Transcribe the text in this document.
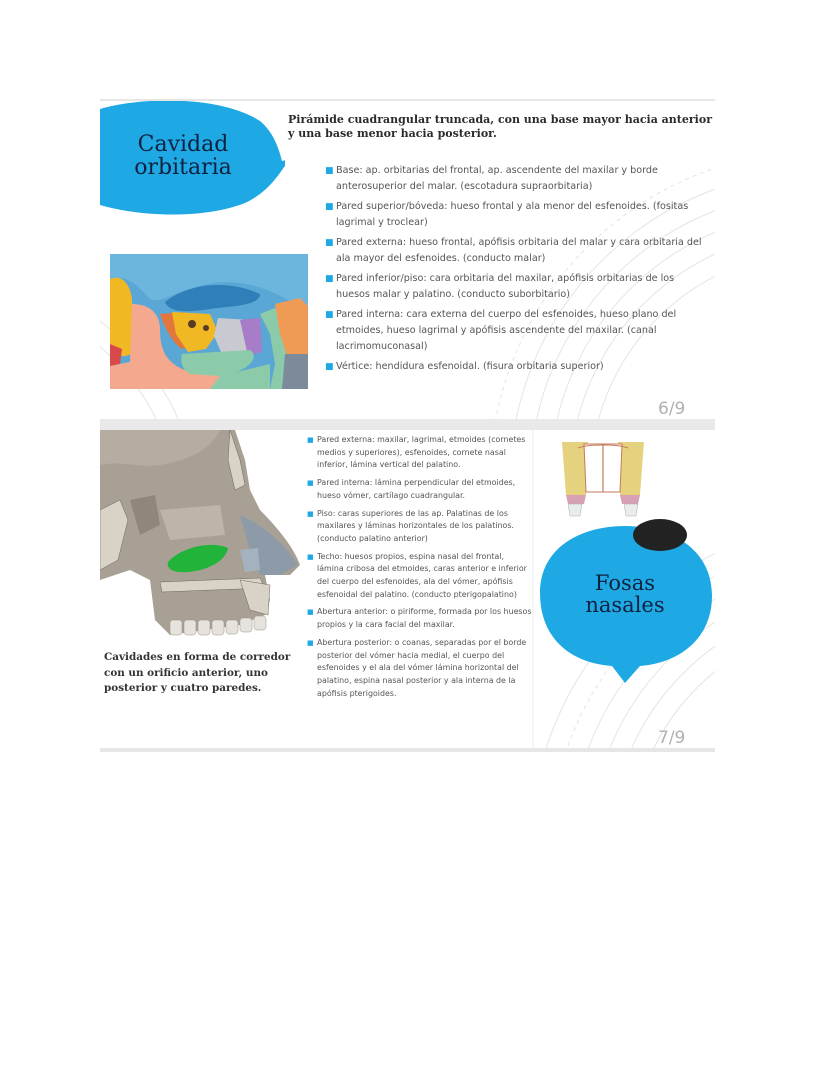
Cavidad
orbitaria
Pirámide cuadrangular truncada, con una base mayor hacia anterior y una base menor hacia posterior.
■ Base: ap. orbitarias del frontal, ap. ascendente del maxilar y borde anterosuperior del malar. (escotadura supraorbitaria)
■ Pared superior/bóveda: hueso frontal y ala menor del esfenoides. (fositas lagrimal y troclear)
■ Pared externa: hueso frontal, apófisis orbitaria del malar y cara orbitaria del ala mayor del esfenoides. (conducto malar)
■ Pared inferior/piso: cara orbitaria del maxilar, apófisis orbitarias de los huesos malar y palatino. (conducto suborbitario)
■ Pared interna: cara externa del cuerpo del esfenoides, hueso plano del etmoides, hueso lagrimal y apófisis ascendente del maxilar. (canal lacrimomuconasal)
■ Vértice: hendidura esfenoidal. (fisura orbitaria superior)
6/9
Cavidades en forma de corredor con un orificio anterior, uno posterior y cuatro paredes.
■ Pared externa: maxilar, lagrimal, etmoides (cornetes medios y superiores), esfenoides, cornete nasal inferior, lámina vertical del palatino.
■ Pared interna: lámina perpendicular del etmoides, hueso vómer, cartílago cuadrangular.
■ Piso: caras superiores de las ap. Palatinas de los maxilares y láminas horizontales de los palatinos. (conducto palatino anterior)
■ Techo: huesos propios, espina nasal del frontal, lámina cribosa del etmoides, caras anterior e inferior del cuerpo del esfenoides, ala del vómer, apófisis esfenoidal del palatino. (conducto pterigopalatino)
■ Abertura anterior: o piriforme, formada por los huesos propios y la cara facial del maxilar.
■ Abertura posterior: o coanas, separadas por el borde posterior del vómer hacia medial, el cuerpo del esfenoides y el ala del vómer lámina horizontal del palatino, espina nasal posterior y ala interna de la apófisis pterigoides.
Fosas
nasales
7/9
